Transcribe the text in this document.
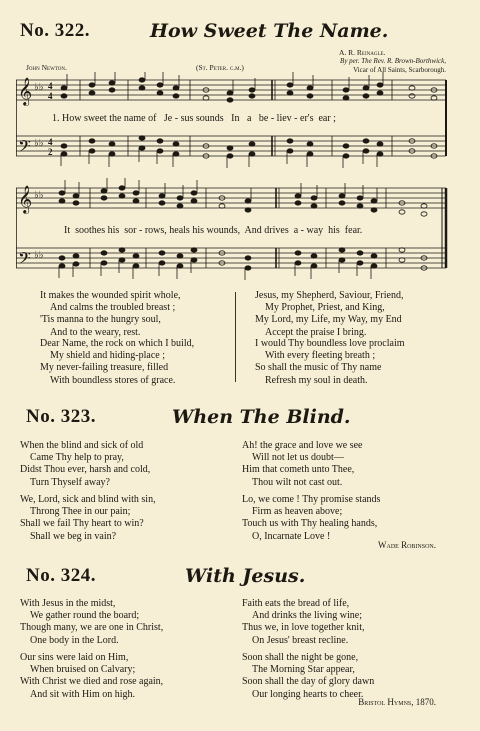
No. 322.	How Sweet The Name.
John Newton.	(St. Peter. c.m.)
A. R. Reinagle.
By per. The Rev. R. Brown-Borthwick,
Vicar of All Saints, Scarborough.
𝄞
𝄢
♭♭
♭♭
4
4
4
2
1. How sweet the name of   Je - sus sounds   In   a   be - liev - er's  ear ;
𝄞
𝄢
♭♭
♭♭
It  soothes his  sor - rows, heals his wounds,  And drives  a - way  his  fear.
It makes the wounded spirit whole,
And calms the troubled breast ;
'Tis manna to the hungry soul,
And to the weary, rest.
Dear Name, the rock on which I build,
My shield and hiding-place ;
My never-failing treasure, filled
With boundless stores of grace.
Jesus, my Shepherd, Saviour, Friend,
My Prophet, Priest, and King,
My Lord, my Life, my Way, my End
Accept the praise I bring.
I would Thy boundless love proclaim
With every fleeting breath ;
So shall the music of Thy name
Refresh my soul in death.
No. 323.	When The Blind.
When the blind and sick of old
Came Thy help to pray,
Didst Thou ever, harsh and cold,
Turn Thyself away?
We, Lord, sick and blind with sin,
Throng Thee in our pain;
Shall we fail Thy heart to win?
Shall we beg in vain?
Ah! the grace and love we see
Will not let us doubt—
Him that cometh unto Thee,
Thou wilt not cast out.
Lo, we come ! Thy promise stands
Firm as heaven above;
Touch us with Thy healing hands,
O, Incarnate Love !
Wade Robinson.
No. 324.	With Jesus.
With Jesus in the midst,
We gather round the board;
Though many, we are one in Christ,
One body in the Lord.
Our sins were laid on Him,
When bruised on Calvary;
With Christ we died and rose again,
And sit with Him on high.
Faith eats the bread of life,
And drinks the living wine;
Thus we, in love together knit,
On Jesus' breast recline.
Soon shall the night be gone,
The Morning Star appear,
Soon shall the day of glory dawn
Our longing hearts to cheer.
Bristol Hymns, 1870.
